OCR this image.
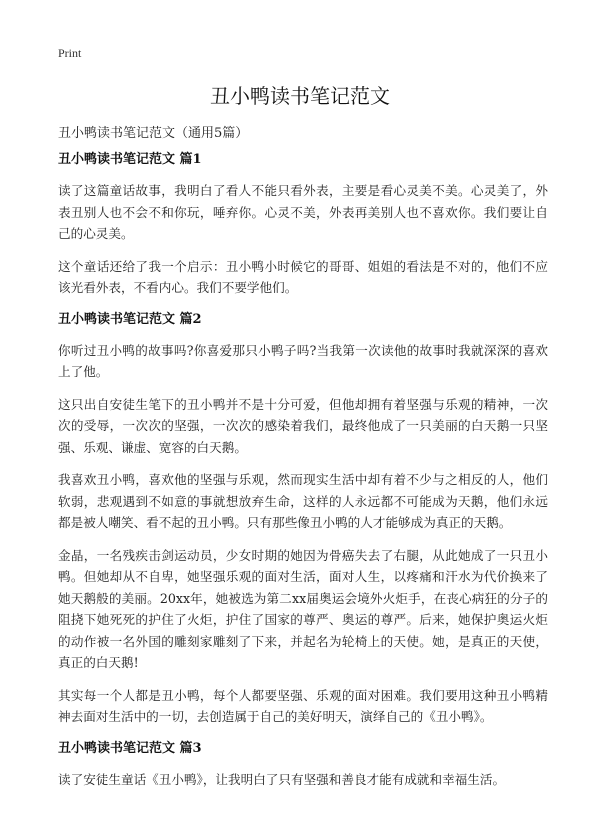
Print
丑小鸭读书笔记范文
丑小鸭读书笔记范文（通用5篇）
丑小鸭读书笔记范文 篇1

读了这篇童话故事，我明白了看人不能只看外表，主要是看心灵美不美。心灵美了，外表丑别人也不会不和你玩，唾弃你。心灵不美，外表再美别人也不喜欢你。我们要让自己的心灵美。

这个童话还给了我一个启示：丑小鸭小时候它的哥哥、姐姐的看法是不对的，他们不应该光看外表，不看内心。我们不要学他们。

丑小鸭读书笔记范文 篇2

你听过丑小鸭的故事吗?你喜爱那只小鸭子吗?当我第一次读他的故事时我就深深的喜欢上了他。

这只出自安徒生笔下的丑小鸭并不是十分可爱，但他却拥有着坚强与乐观的精神，一次次的受辱，一次次的坚强，一次次的感染着我们，最终他成了一只美丽的白天鹅一只坚强、乐观、谦虚、宽容的白天鹅。

我喜欢丑小鸭，喜欢他的坚强与乐观，然而现实生活中却有着不少与之相反的人，他们软弱，悲观遇到不如意的事就想放弃生命，这样的人永远都不可能成为天鹅，他们永远都是被人嘲笑、看不起的丑小鸭。只有那些像丑小鸭的人才能够成为真正的天鹅。

金晶，一名残疾击剑运动员，少女时期的她因为骨癌失去了右腿，从此她成了一只丑小鸭。但她却从不自卑，她坚强乐观的面对生活，面对人生，以疼痛和汗水为代价换来了她天鹅般的美丽。20xx年，她被选为第二xx届奥运会境外火炬手，在丧心病狂的分子的阻挠下她死死的护住了火炬，护住了国家的尊严、奥运的尊严。后来，她保护奥运火炬的动作被一名外国的雕刻家雕刻了下来，并起名为轮椅上的天使。她，是真正的天使，真正的白天鹅!

其实每一个人都是丑小鸭，每个人都要坚强、乐观的面对困难。我们要用这种丑小鸭精神去面对生活中的一切，去创造属于自己的美好明天，演绎自己的《丑小鸭》。

丑小鸭读书笔记范文 篇3

读了安徒生童话《丑小鸭》，让我明白了只有坚强和善良才能有成就和幸福生活。
